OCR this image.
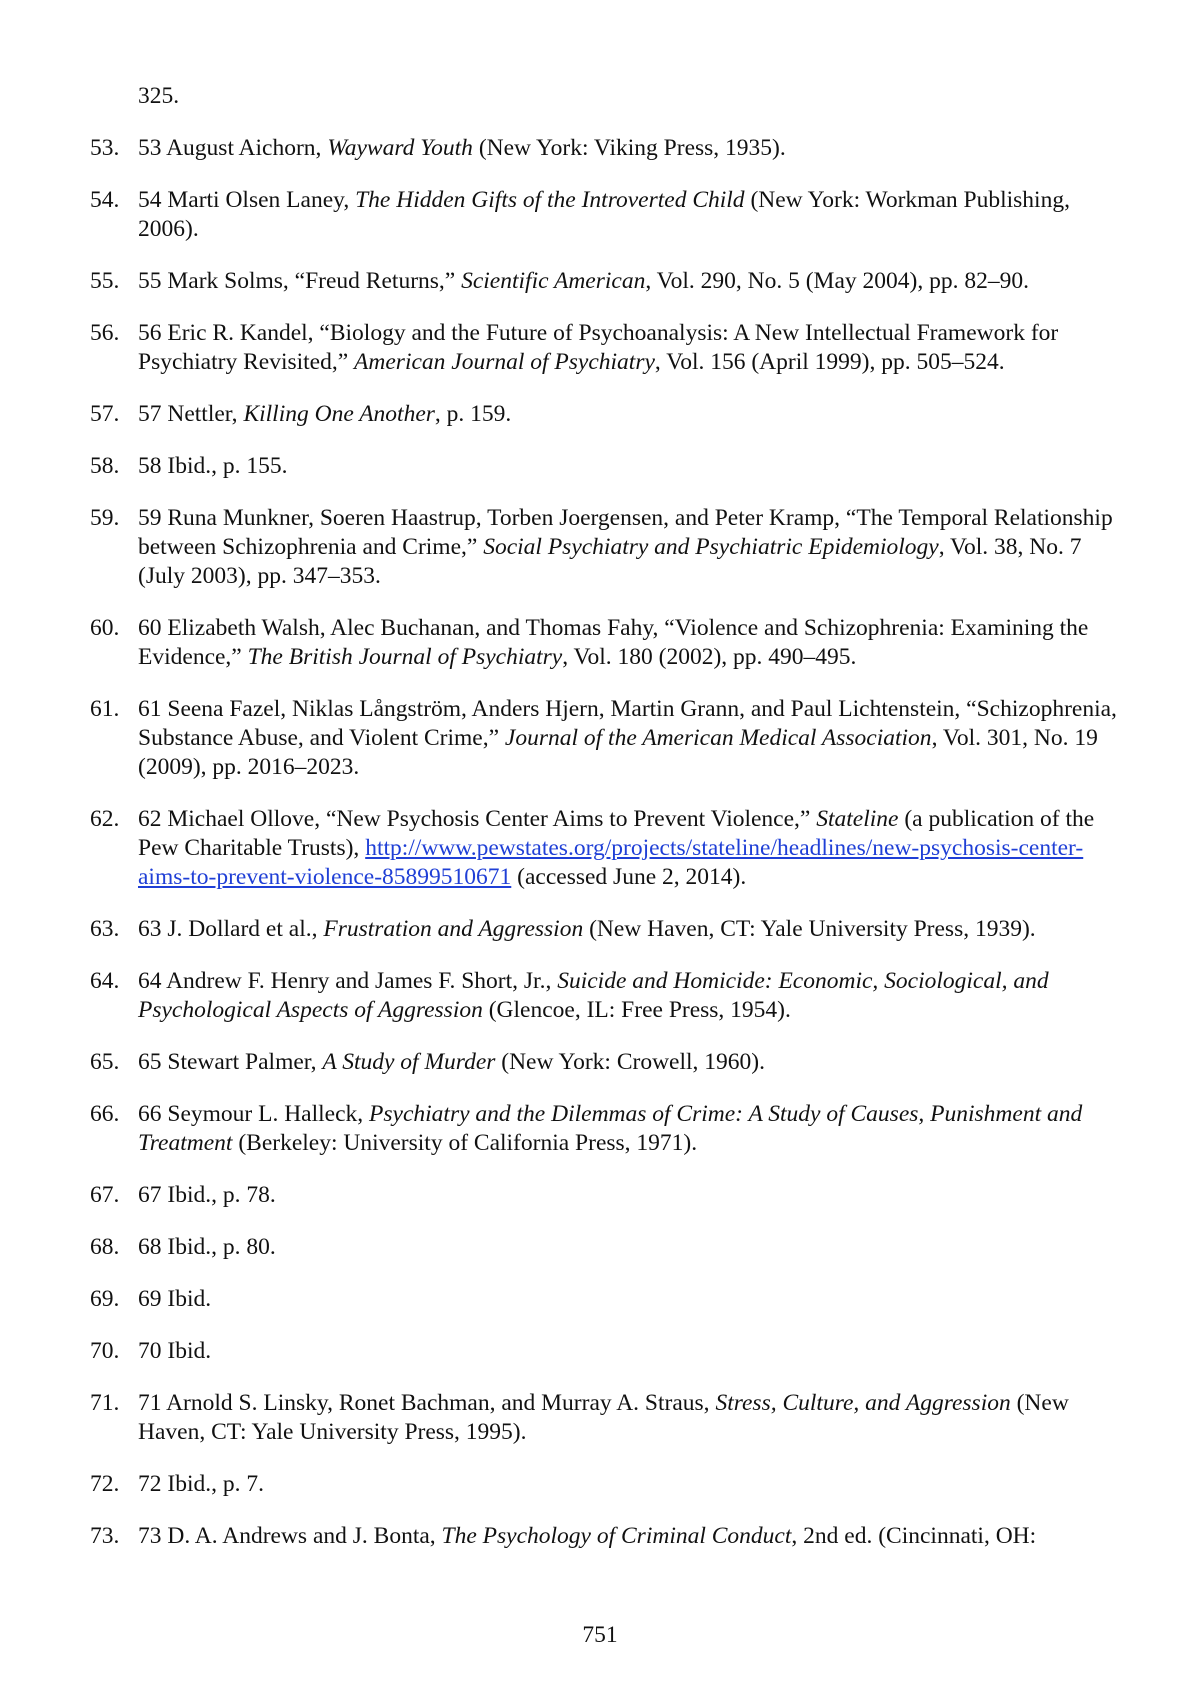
325.
53. 53 August Aichorn, Wayward Youth (New York: Viking Press, 1935).
54. 54 Marti Olsen Laney, The Hidden Gifts of the Introverted Child (New York: Workman Publishing, 2006).
55. 55 Mark Solms, “Freud Returns,” Scientific American, Vol. 290, No. 5 (May 2004), pp. 82–90.
56. 56 Eric R. Kandel, “Biology and the Future of Psychoanalysis: A New Intellectual Framework for Psychiatry Revisited,” American Journal of Psychiatry, Vol. 156 (April 1999), pp. 505–524.
57. 57 Nettler, Killing One Another, p. 159.
58. 58 Ibid., p. 155.
59. 59 Runa Munkner, Soeren Haastrup, Torben Joergensen, and Peter Kramp, “The Temporal Relationship between Schizophrenia and Crime,” Social Psychiatry and Psychiatric Epidemiology, Vol. 38, No. 7 (July 2003), pp. 347–353.
60. 60 Elizabeth Walsh, Alec Buchanan, and Thomas Fahy, “Violence and Schizophrenia: Examining the Evidence,” The British Journal of Psychiatry, Vol. 180 (2002), pp. 490–495.
61. 61 Seena Fazel, Niklas Långström, Anders Hjern, Martin Grann, and Paul Lichtenstein, “Schizophrenia, Substance Abuse, and Violent Crime,” Journal of the American Medical Association, Vol. 301, No. 19 (2009), pp. 2016–2023.
62. 62 Michael Ollove, “New Psychosis Center Aims to Prevent Violence,” Stateline (a publication of the Pew Charitable Trusts), http://www.pewstates.org/projects/stateline/headlines/new-psychosis-center-aims-to-prevent-violence-85899510671 (accessed June 2, 2014).
63. 63 J. Dollard et al., Frustration and Aggression (New Haven, CT: Yale University Press, 1939).
64. 64 Andrew F. Henry and James F. Short, Jr., Suicide and Homicide: Economic, Sociological, and Psychological Aspects of Aggression (Glencoe, IL: Free Press, 1954).
65. 65 Stewart Palmer, A Study of Murder (New York: Crowell, 1960).
66. 66 Seymour L. Halleck, Psychiatry and the Dilemmas of Crime: A Study of Causes, Punishment and Treatment (Berkeley: University of California Press, 1971).
67. 67 Ibid., p. 78.
68. 68 Ibid., p. 80.
69. 69 Ibid.
70. 70 Ibid.
71. 71 Arnold S. Linsky, Ronet Bachman, and Murray A. Straus, Stress, Culture, and Aggression (New Haven, CT: Yale University Press, 1995).
72. 72 Ibid., p. 7.
73. 73 D. A. Andrews and J. Bonta, The Psychology of Criminal Conduct, 2nd ed. (Cincinnati, OH:
751
